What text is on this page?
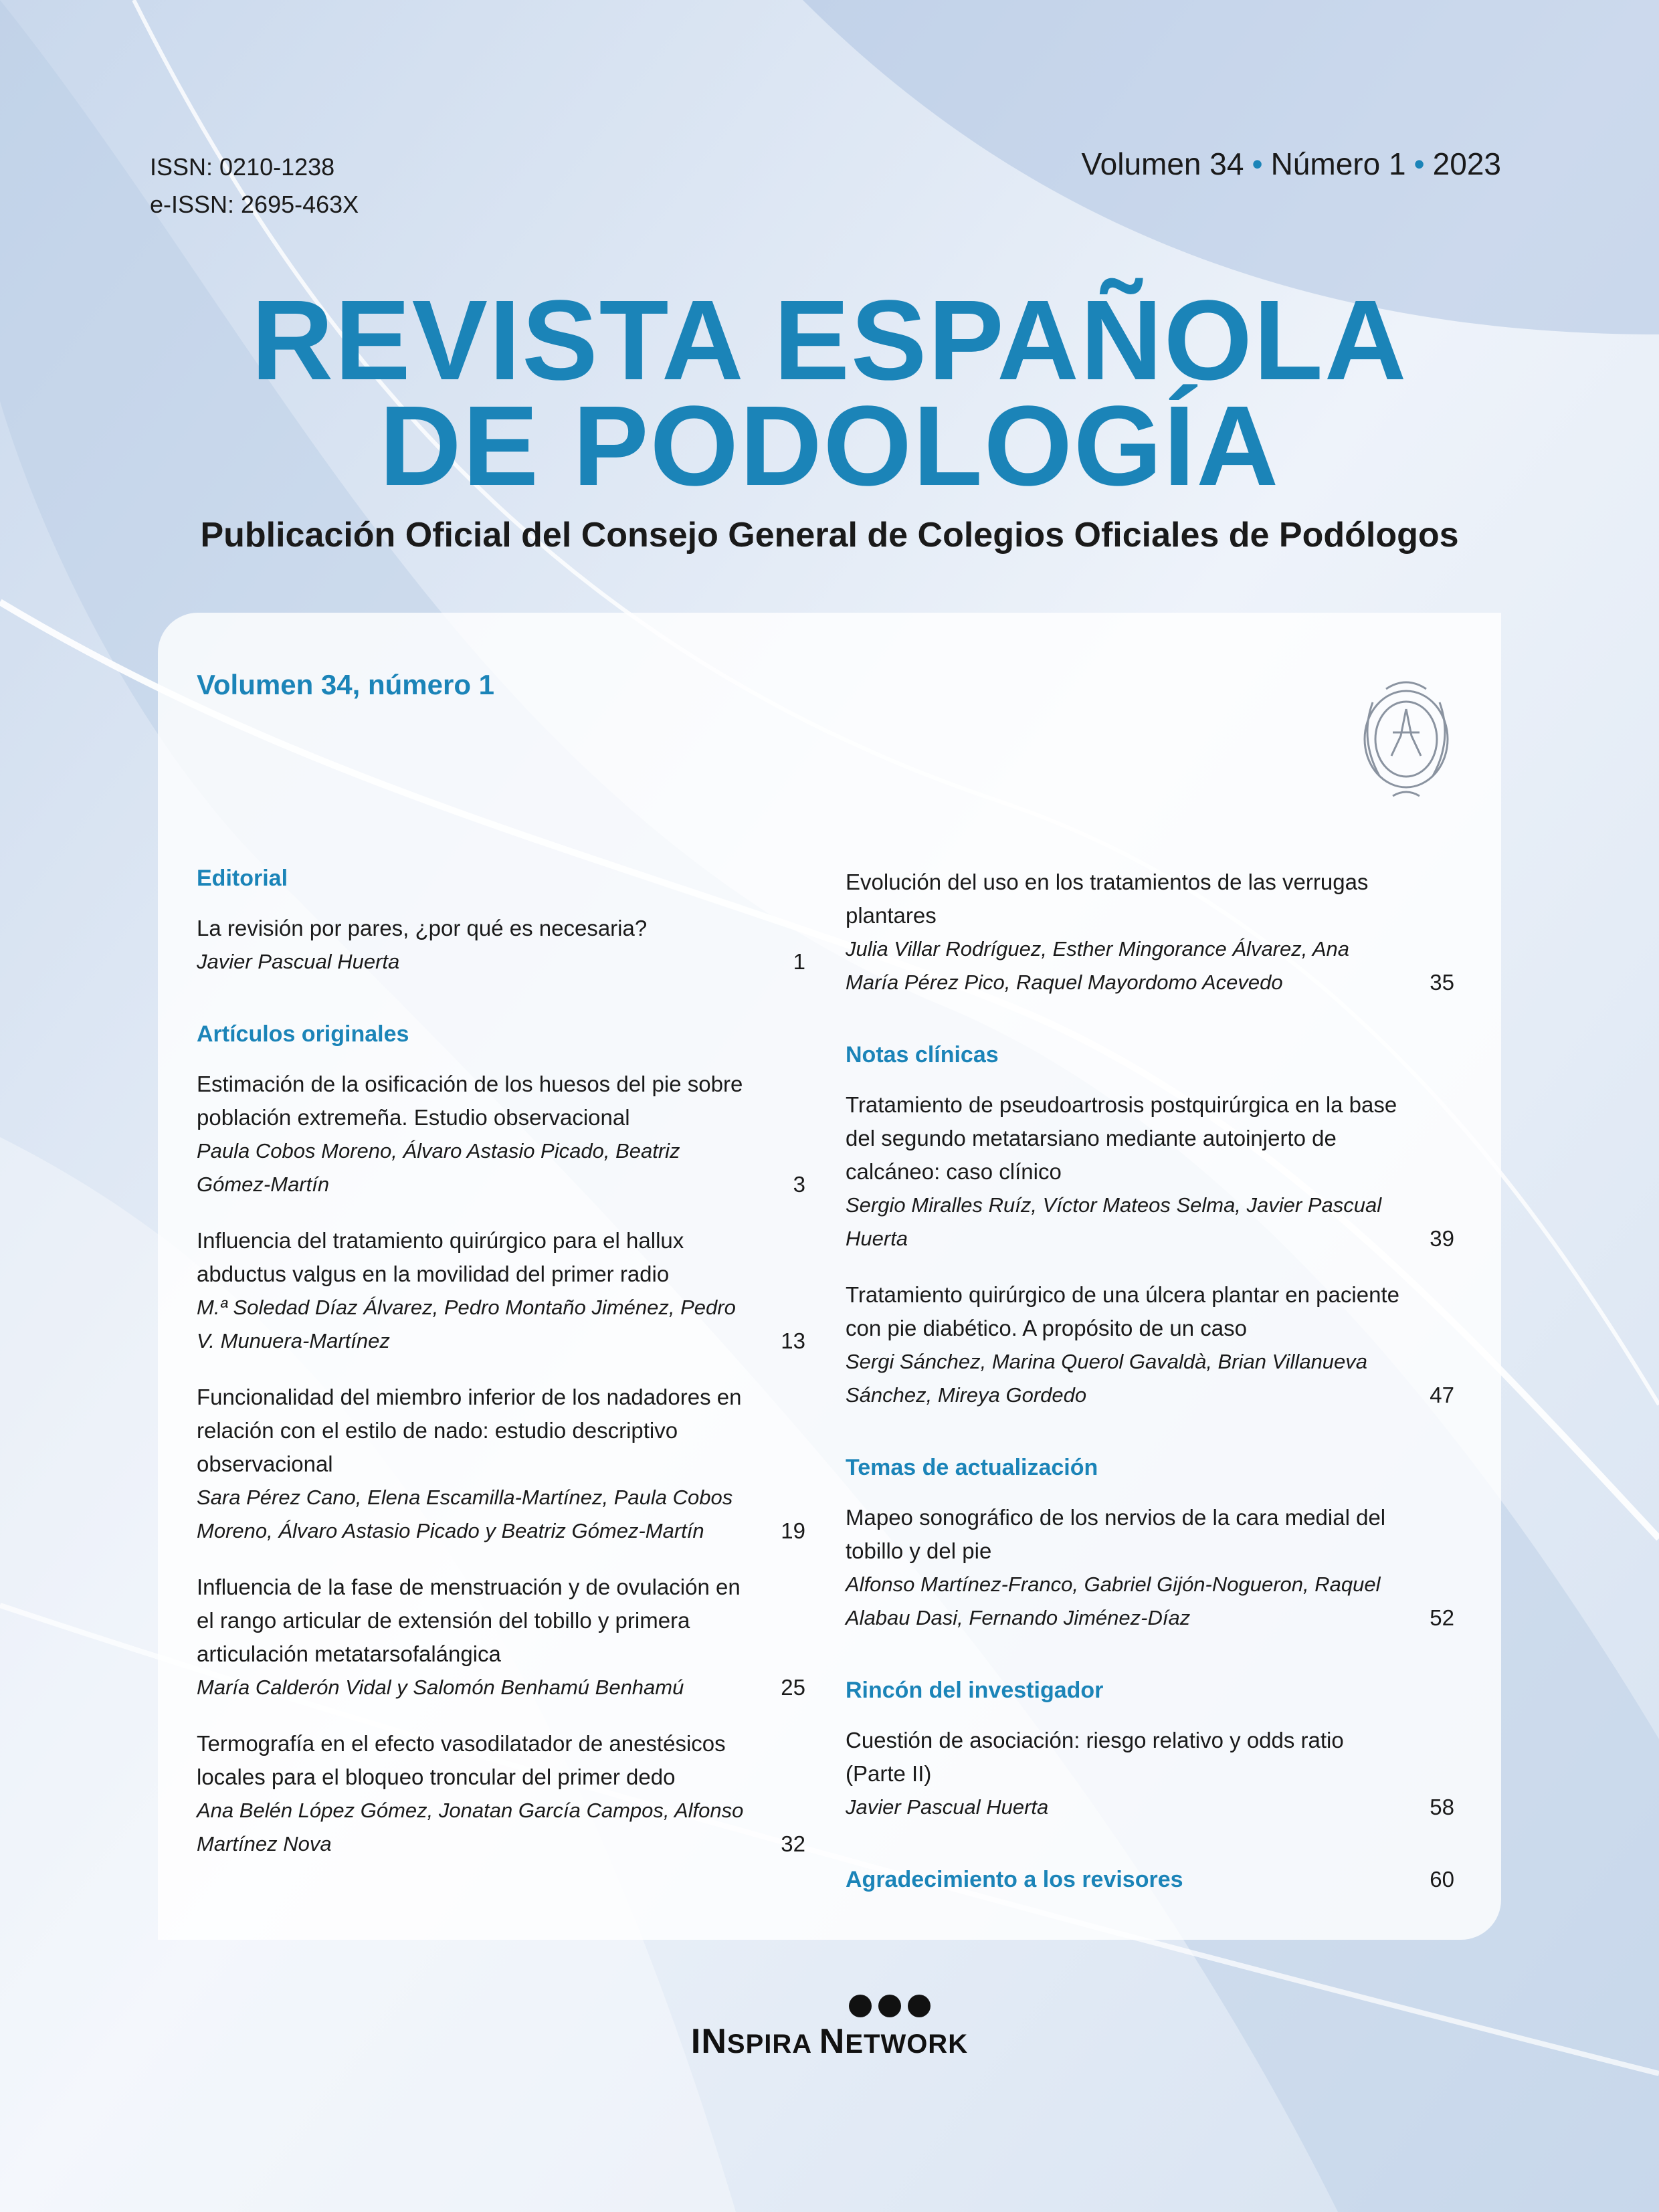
ISSN: 0210-1238
e-ISSN: 2695-463X
Volumen 34 • Número 1 • 2023
REVISTA ESPAÑOLA
DE PODOLOGÍA
Publicación Oficial del Consejo General de Colegios Oficiales de Podólogos
Volumen 34, número 1
Editorial
La revisión por pares, ¿por qué es necesaria?
Javier Pascual Huerta	1
Artículos originales
Estimación de la osificación de los huesos del pie sobre población extremeña. Estudio observacional
Paula Cobos Moreno, Álvaro Astasio Picado, Beatriz Gómez-Martín	3
Influencia del tratamiento quirúrgico para el hallux abductus valgus en la movilidad del primer radio
M.ª Soledad Díaz Álvarez, Pedro Montaño Jiménez, Pedro V. Munuera-Martínez	13
Funcionalidad del miembro inferior de los nadadores en relación con el estilo de nado: estudio descriptivo observacional
Sara Pérez Cano, Elena Escamilla-Martínez, Paula Cobos Moreno, Álvaro Astasio Picado y Beatriz Gómez-Martín	19
Influencia de la fase de menstruación y de ovulación en el rango articular de extensión del tobillo y primera articulación metatarsofalángica
María Calderón Vidal y Salomón Benhamú Benhamú	25
Termografía en el efecto vasodilatador de anestésicos locales para el bloqueo troncular del primer dedo
Ana Belén López Gómez, Jonatan García Campos, Alfonso Martínez Nova	32
Evolución del uso en los tratamientos de las verrugas plantares
Julia Villar Rodríguez, Esther Mingorance Álvarez, Ana María Pérez Pico, Raquel Mayordomo Acevedo	35
Notas clínicas
Tratamiento de pseudoartrosis postquirúrgica en la base del segundo metatarsiano mediante autoinjerto de calcáneo: caso clínico
Sergio Miralles Ruíz, Víctor Mateos Selma, Javier Pascual Huerta	39
Tratamiento quirúrgico de una úlcera plantar en paciente con pie diabético. A propósito de un caso
Sergi Sánchez, Marina Querol Gavaldà, Brian Villanueva Sánchez, Mireya Gordedo	47
Temas de actualización
Mapeo sonográfico de los nervios de la cara medial del tobillo y del pie
Alfonso Martínez-Franco, Gabriel Gijón-Nogueron, Raquel Alabau Dasi, Fernando Jiménez-Díaz	52
Rincón del investigador
Cuestión de asociación: riesgo relativo y odds ratio (Parte II)
Javier Pascual Huerta	58
Agradecimiento a los revisores	60
INSPIRA NETWORK
